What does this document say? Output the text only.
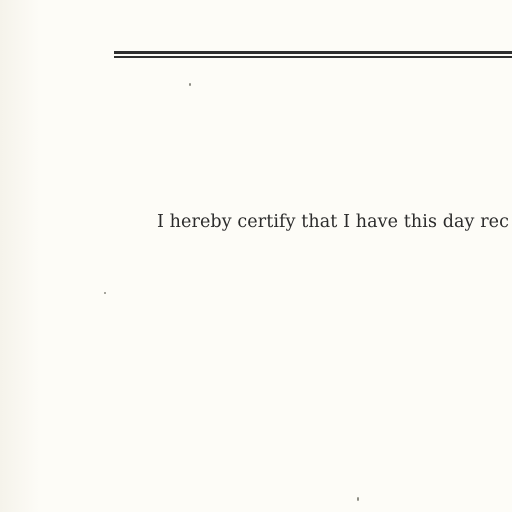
I hereby certify that I have this day rec
